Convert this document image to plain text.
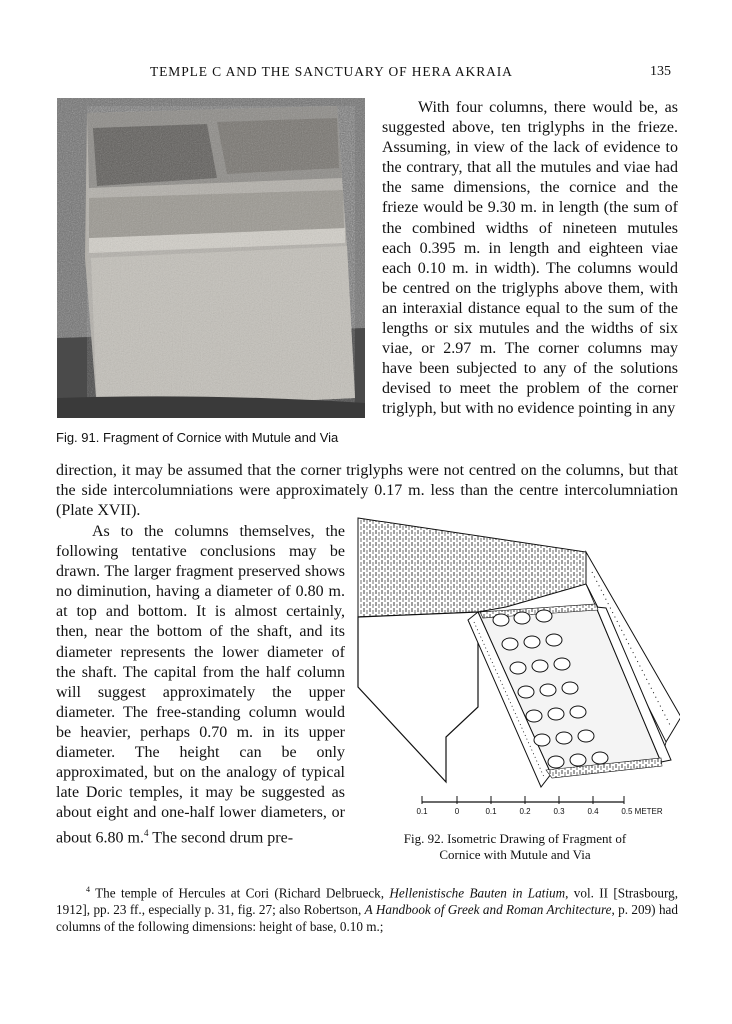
TEMPLE C AND THE SANCTUARY OF HERA AKRAIA	135
Fig. 91. Fragment of Cornice with Mutule and Via

With four columns, there would be, as suggested above, ten triglyphs in the frieze. Assuming, in view of the lack of evidence to the contrary, that all the mutules and viae had the same dimensions, the cornice and the frieze would be 9.30 m. in length (the sum of the combined widths of nineteen mutules each 0.395 m. in length and eighteen viae each 0.10 m. in width). The columns would be centred on the triglyphs above them, with an interaxial distance equal to the sum of the lengths or six mutules and the widths of six viae, or 2.97 m. The corner columns may have been subjected to any of the solutions devised to meet the problem of the corner triglyph, but with no evidence pointing in any

direction, it may be assumed that the corner triglyphs were not centred on the columns, but that the side intercolumniations were approximately 0.17 m. less than the centre intercolumniation (Plate XVII).

As to the columns themselves, the following tentative conclusions may be drawn. The larger fragment preserved shows no diminution, having a diameter of 0.80 m. at top and bottom. It is almost certainly, then, near the bottom of the shaft, and its diameter represents the lower diameter of the shaft. The capital from the half column will suggest approximately the upper diameter. The free-standing column would be heavier, perhaps 0.70 m. in its upper diameter. The height can be only approximated, but on the analogy of typical late Doric temples, it may be suggested as about eight and one-half lower diameters, or about 6.80 m.$^4$ The second drum pre-

0.1	0	0.1	0.2	0.3	0.4	0.5 METER
Fig. 92. Isometric Drawing of Fragment of
Cornice with Mutule and Via

$^4$ The temple of Hercules at Cori (Richard Delbrueck, Hellenistische Bauten in Latium, vol. II [Strasbourg, 1912], pp. 23 ff., especially p. 31, fig. 27; also Robertson, A Handbook of Greek and Roman Architecture, p. 209) had columns of the following dimensions: height of base, 0.10 m.;
